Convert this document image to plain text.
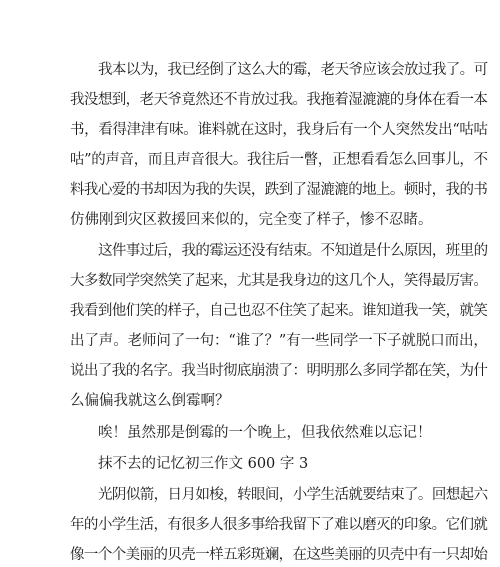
我本以为，我已经倒了这么大的霉，老天爷应该会放过我了。可
我没想到，老天爷竟然还不肯放过我。我拖着湿漉漉的身体在看一本
书，看得津津有味。谁料就在这时，我身后有一个人突然发出“咕咕
咕”的声音，而且声音很大。我往后一瞥，正想看看怎么回事儿，不
料我心爱的书却因为我的失误，跌到了湿漉漉的地上。顿时，我的书
仿佛刚到灾区救援回来似的，完全变了样子，惨不忍睹。
这件事过后，我的霉运还没有结束。不知道是什么原因，班里的
大多数同学突然笑了起来，尤其是我身边的这几个人，笑得最厉害。
我看到他们笑的样子，自己也忍不住笑了起来。谁知道我一笑，就笑
出了声。老师问了一句：“谁了？”有一些同学一下子就脱口而出，
说出了我的名字。我当时彻底崩溃了：明明那么多同学都在笑，为什
么偏偏我就这么倒霉啊？
唉！虽然那是倒霉的一个晚上，但我依然难以忘记！
抹不去的记忆初三作文 600 字 3
光阴似箭，日月如梭，转眼间，小学生活就要结束了。回想起六
年的小学生活，有很多人很多事给我留下了难以磨灭的印象。它们就
像一个个美丽的贝壳一样五彩斑斓，在这些美丽的贝壳中有一只却始
